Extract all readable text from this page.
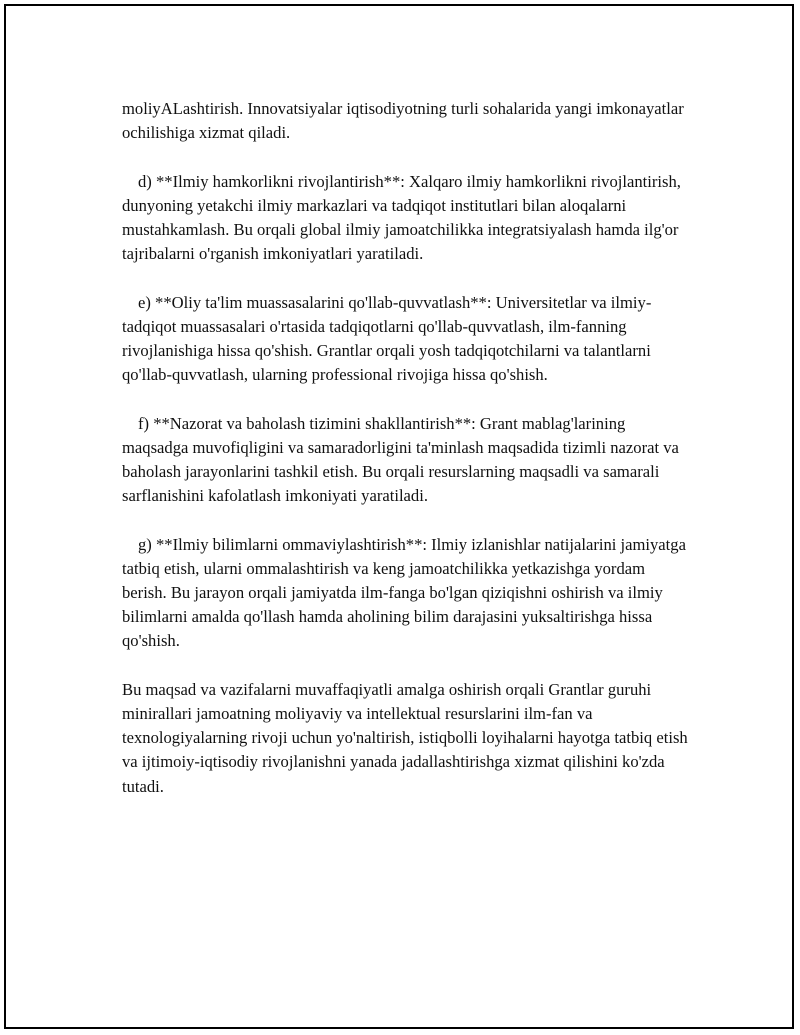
moliyALashtirish. Innovatsiyalar iqtisodiyotning turli sohalarida yangi imkonayatlar ochilishiga xizmat qiladi.

d) **Ilmiy hamkorlikni rivojlantirish**: Xalqaro ilmiy hamkorlikni rivojlantirish, dunyoning yetakchi ilmiy markazlari va tadqiqot institutlari bilan aloqalarni mustahkamlash. Bu orqali global ilmiy jamoatchilikka integratsiyalash hamda ilg'or tajribalarni o'rganish imkoniyatlari yaratiladi.

e) **Oliy ta'lim muassasalarini qo'llab-quvvatlash**: Universitetlar va ilmiy-tadqiqot muassasalari o'rtasida tadqiqotlarni qo'llab-quvvatlash, ilm-fanning rivojlanishiga hissa qo'shish. Grantlar orqali yosh tadqiqotchilarni va talantlarni qo'llab-quvvatlash, ularning professional rivojiga hissa qo'shish.

f) **Nazorat va baholash tizimini shakllantirish**: Grant mablag'larining maqsadga muvofiqligini va samaradorligini ta'minlash maqsadida tizimli nazorat va baholash jarayonlarini tashkil etish. Bu orqali resurslarning maqsadli va samarali sarflanishini kafolatlash imkoniyati yaratiladi.

g) **Ilmiy bilimlarni ommaviylashtirish**: Ilmiy izlanishlar natijalarini jamiyatga tatbiq etish, ularni ommalashtirish va keng jamoatchilikka yetkazishga yordam berish. Bu jarayon orqali jamiyatda ilm-fanga bo'lgan qiziqishni oshirish va ilmiy bilimlarni amalda qo'llash hamda aholining bilim darajasini yuksaltirishga hissa qo'shish.

Bu maqsad va vazifalarni muvaffaqiyatli amalga oshirish orqali Grantlar guruhi minirallari jamoatning moliyaviy va intellektual resurslarini ilm-fan va texnologiyalarning rivoji uchun yo'naltirish, istiqbolli loyihalarni hayotga tatbiq etish va ijtimoiy-iqtisodiy rivojlanishni yanada jadallashtirishga xizmat qilishini ko'zda tutadi.
